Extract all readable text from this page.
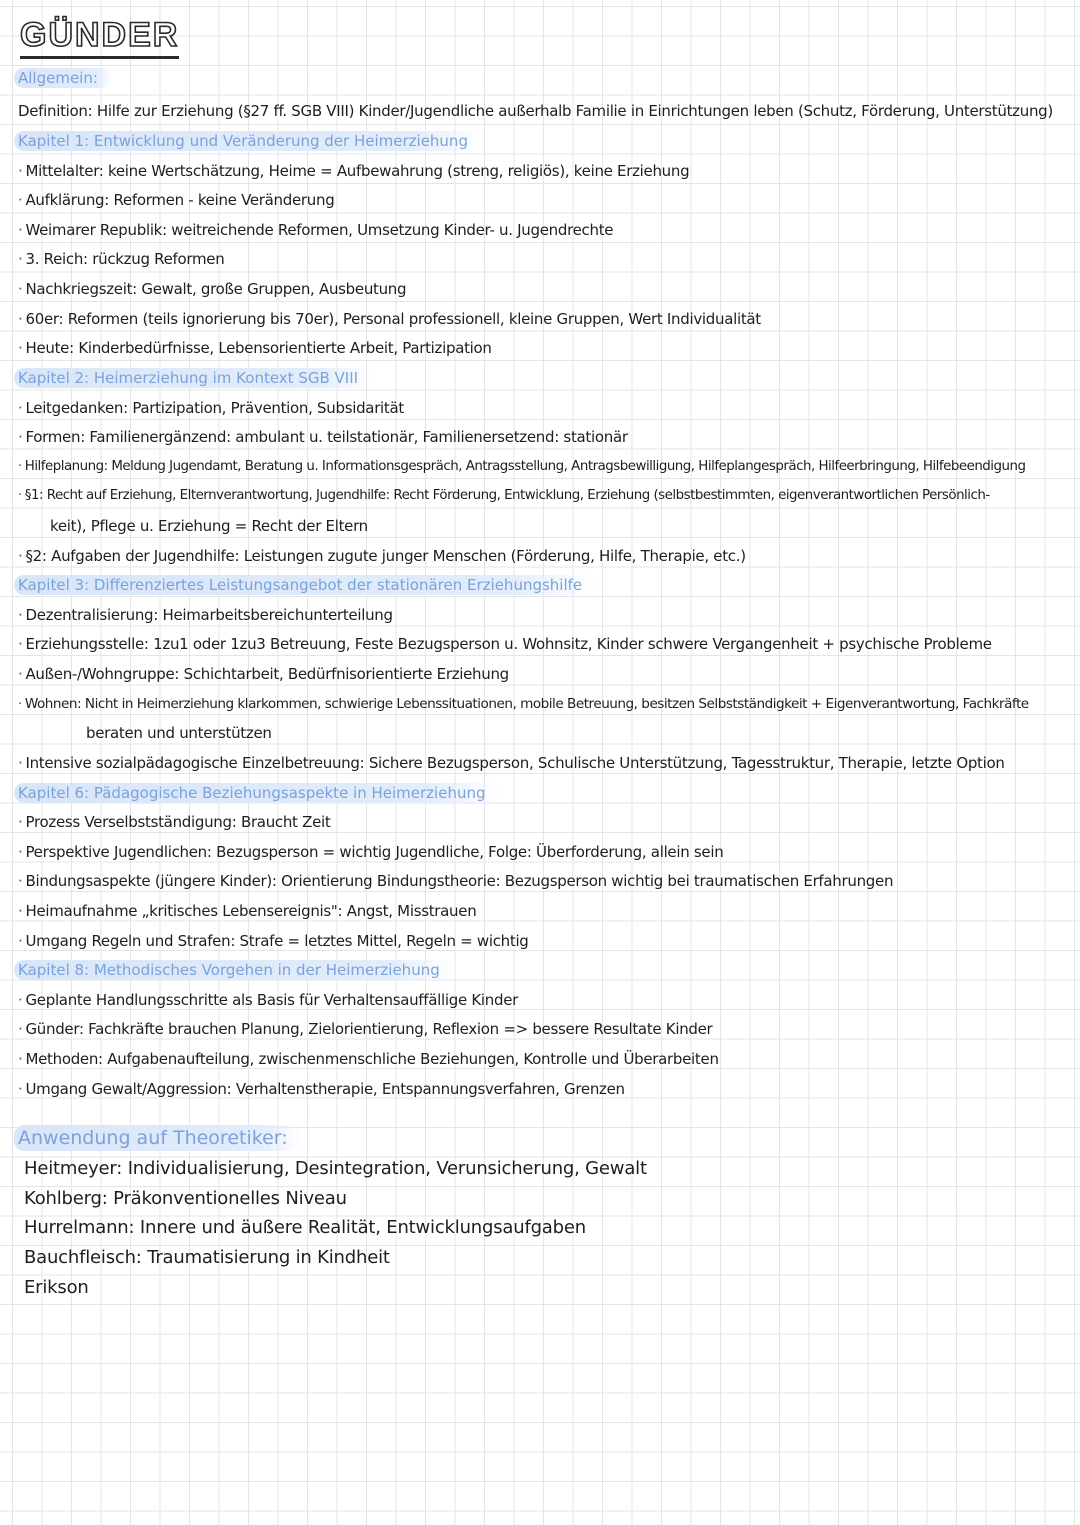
GÜNDER
Allgemein:
Definition: Hilfe zur Erziehung (§27 ff. SGB VIII) Kinder/Jugendliche außerhalb Familie in Einrichtungen leben (Schutz, Förderung, Unterstützung)
Kapitel 1: Entwicklung und Veränderung der Heimerziehung
· Mittelalter: keine Wertschätzung, Heime = Aufbewahrung (streng, religiös), keine Erziehung
· Aufklärung: Reformen - keine Veränderung
· Weimarer Republik: weitreichende Reformen, Umsetzung Kinder- u. Jugendrechte
· 3. Reich: rückzug Reformen
· Nachkriegszeit: Gewalt, große Gruppen, Ausbeutung
· 60er: Reformen (teils ignorierung bis 70er), Personal professionell, kleine Gruppen, Wert Individualität
· Heute: Kinderbedürfnisse, Lebensorientierte Arbeit, Partizipation
Kapitel 2: Heimerziehung im Kontext SGB VIII
· Leitgedanken: Partizipation, Prävention, Subsidarität
· Formen: Familienergänzend: ambulant u. teilstationär, Familienersetzend: stationär
· Hilfeplanung: Meldung Jugendamt, Beratung u. Informationsgespräch, Antragsstellung, Antragsbewilligung, Hilfeplangespräch, Hilfeerbringung, Hilfebeendigung
· §1: Recht auf Erziehung, Elternverantwortung, Jugendhilfe: Recht Förderung, Entwicklung, Erziehung (selbstbestimmten, eigenverantwortlichen Persönlich-
keit), Pflege u. Erziehung = Recht der Eltern
· §2: Aufgaben der Jugendhilfe: Leistungen zugute junger Menschen (Förderung, Hilfe, Therapie, etc.)
Kapitel 3: Differenziertes Leistungsangebot der stationären Erziehungshilfe
· Dezentralisierung: Heimarbeitsbereichunterteilung
· Erziehungsstelle: 1zu1 oder 1zu3 Betreuung, Feste Bezugsperson u. Wohnsitz, Kinder schwere Vergangenheit + psychische Probleme
· Außen-/Wohngruppe: Schichtarbeit, Bedürfnisorientierte Erziehung
· Wohnen: Nicht in Heimerziehung klarkommen, schwierige Lebenssituationen, mobile Betreuung, besitzen Selbstständigkeit + Eigenverantwortung, Fachkräfte
beraten und unterstützen
· Intensive sozialpädagogische Einzelbetreuung: Sichere Bezugsperson, Schulische Unterstützung, Tagesstruktur, Therapie, letzte Option
Kapitel 6: Pädagogische Beziehungsaspekte in Heimerziehung
· Prozess Verselbstständigung: Braucht Zeit
· Perspektive Jugendlichen: Bezugsperson = wichtig Jugendliche, Folge: Überforderung, allein sein
· Bindungsaspekte (jüngere Kinder): Orientierung Bindungstheorie: Bezugsperson wichtig bei traumatischen Erfahrungen
· Heimaufnahme „kritisches Lebensereignis": Angst, Misstrauen
· Umgang Regeln und Strafen: Strafe = letztes Mittel, Regeln = wichtig
Kapitel 8: Methodisches Vorgehen in der Heimerziehung
· Geplante Handlungsschritte als Basis für Verhaltensauffällige Kinder
· Günder: Fachkräfte brauchen Planung, Zielorientierung, Reflexion => bessere Resultate Kinder
· Methoden: Aufgabenaufteilung, zwischenmenschliche Beziehungen, Kontrolle und Überarbeiten
· Umgang Gewalt/Aggression: Verhaltenstherapie, Entspannungsverfahren, Grenzen
Anwendung auf Theoretiker:
Heitmeyer: Individualisierung, Desintegration, Verunsicherung, Gewalt
Kohlberg: Präkonventionelles Niveau
Hurrelmann: Innere und äußere Realität, Entwicklungsaufgaben
Bauchfleisch: Traumatisierung in Kindheit
Erikson
